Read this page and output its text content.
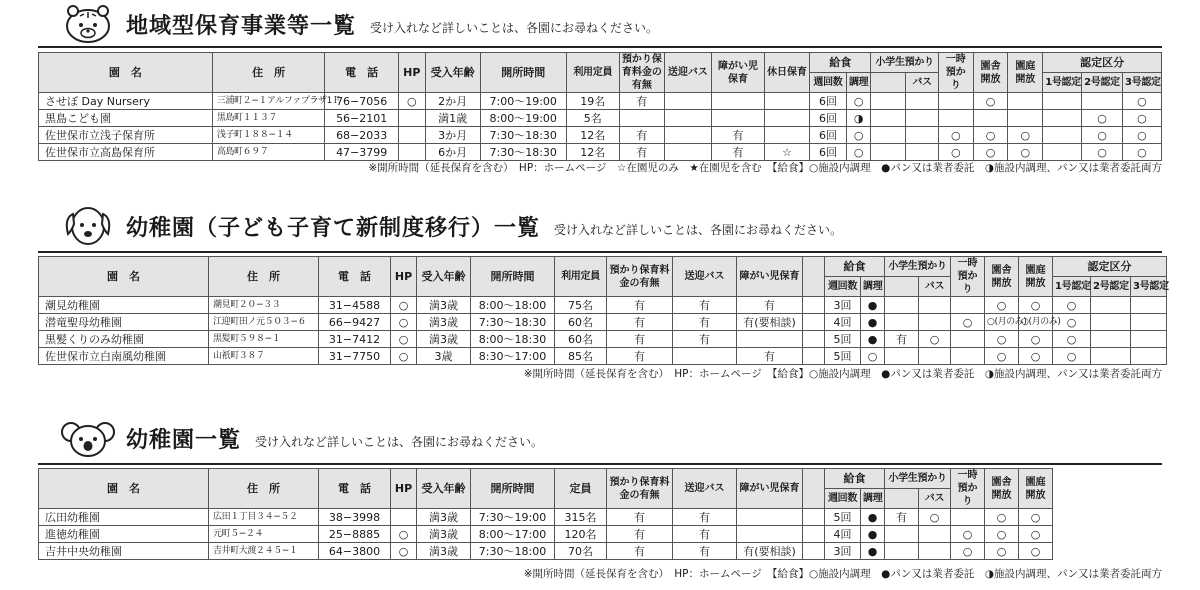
地域型保育事業等一覧 受け入れなど詳しいことは、各園にお尋ねください。
園　名	住　所	電　話	HP	受入年齢	開所時間	利用定員	預かり保育料金の有無	送迎バス	障がい児保育	休日保育	給食		小学生預かり		一時預かり	園舎開放	園庭開放	認定区分		
											週回数	調理		バス				1号認定	2号認定	3号認定
させぼ Day Nursery	三浦町２−１アルファプラザ1Ｆ	76−7056	○	2か月	7:00〜19:00	19名	有				6回	○				○				○
黒島こども園	黒島町１１３７	56−2101		満1歳	8:00〜19:00	5名					6回	◑							○	○
佐世保市立浅子保育所	浅子町１８８−１４	68−2033		3か月	7:30〜18:30	12名	有		有		6回	○			○	○	○		○	○
佐世保市立高島保育所	高島町６９７	47−3799		6か月	7:30〜18:30	12名	有		有	☆	6回	○			○	○	○		○	○
※開所時間（延長保育を含む）　HP：ホームページ　☆在園児のみ　★在園児を含む　【給食】○施設内調理　●パン又は業者委託　◑施設内調理、パン又は業者委託両方
幼稚園（子ども子育て新制度移行）一覧 受け入れなど詳しいことは、各園にお尋ねください。
園　名	住　所	電　話	HP	受入年齢	開所時間	利用定員	預かり保育料金の有無	送迎バス	障がい児保育		給食		小学生預かり		一時預かり	園舎開放	園庭開放	認定区分		
											週回数	調理		バス				1号認定	2号認定	3号認定
潮見幼稚園	潮見町２０−３３	31−4588	○	満3歳	8:00〜18:00	75名	有	有	有		3回	●				○	○	○		
潜竜聖母幼稚園	江迎町田ノ元５０３−６	66−9427	○	満3歳	7:30〜18:30	60名	有	有	有(要相談)		4回	●			○	○(月のみ)	○(月のみ)	○		
黒髪くりのみ幼稚園	黒髪町５９８−１	31−7412	○	満3歳	8:00〜18:30	60名	有	有			5回	●	有	○		○	○	○		
佐世保市立白南風幼稚園	山祇町３８７	31−7750	○	3歳	8:30〜17:00	85名	有		有		5回	○				○	○	○		
※開所時間（延長保育を含む）　HP：ホームページ　【給食】○施設内調理　●パン又は業者委託　◑施設内調理、パン又は業者委託両方
幼稚園一覧 受け入れなど詳しいことは、各園にお尋ねください。
園　名	住　所	電　話	HP	受入年齢	開所時間	定員	預かり保育料金の有無	送迎バス	障がい児保育		給食		小学生預かり		一時預かり	園舎開放	園庭開放	
											週回数	調理		バス				
広田幼稚園	広田１丁目３４−５２	38−3998		満3歳	7:30〜19:00	315名	有	有			5回	●	有	○		○	○	
進徳幼稚園	元町５−２４	25−8885	○	満3歳	8:00〜17:00	120名	有	有			4回	●			○	○	○	
吉井中央幼稚園	吉井町大渡２４５−１	64−3800	○	満3歳	7:30〜18:00	70名	有	有	有(要相談)		3回	●			○	○	○	
※開所時間（延長保育を含む）　HP：ホームページ　【給食】○施設内調理　●パン又は業者委託　◑施設内調理、パン又は業者委託両方
